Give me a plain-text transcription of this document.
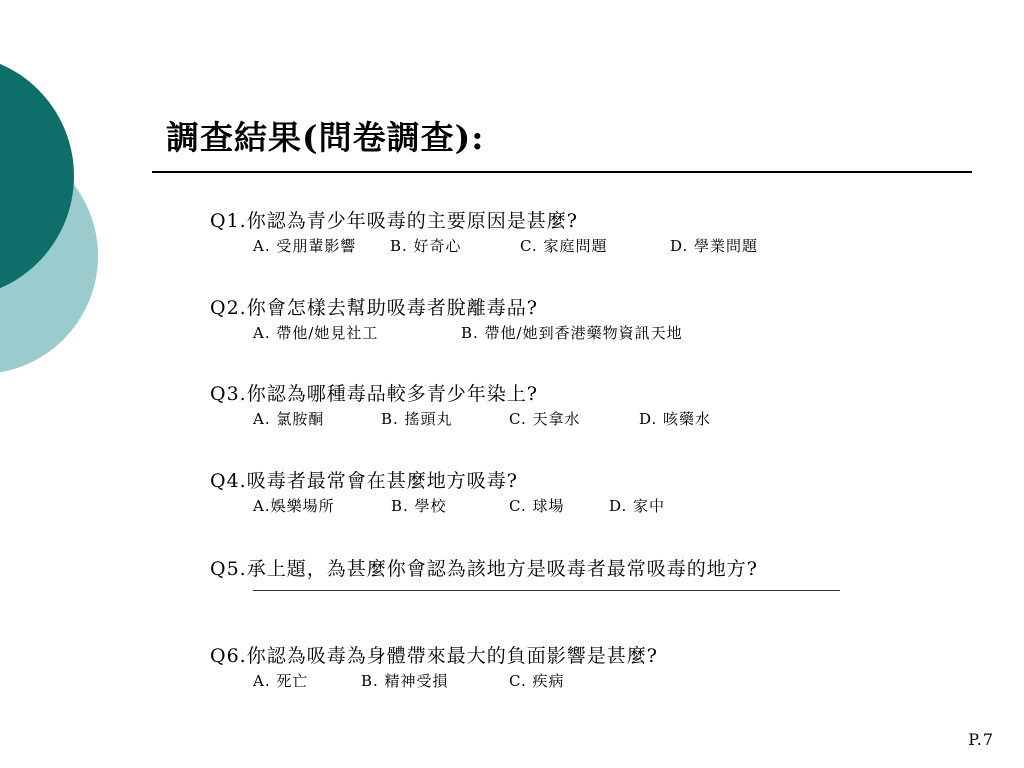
調查結果(問卷調查):
Q1.你認為青少年吸毒的主要原因是甚麼?
A. 受朋輩影響 B. 好奇心	C. 家庭問題	D. 學業問題
Q2.你會怎樣去幫助吸毒者脫離毒品?
A. 帶他/她見社工	B. 帶他/她到香港藥物資訊天地
Q3.你認為哪種毒品較多青少年染上?
A. 氯胺酮	B. 搖頭丸	C. 天拿水	D. 咳藥水
Q4.吸毒者最常會在甚麼地方吸毒?
A.娛樂場所	B. 學校	C. 球場	D. 家中
Q5.承上題，為甚麼你會認為該地方是吸毒者最常吸毒的地方?
Q6.你認為吸毒為身體帶來最大的負面影響是甚麼?
A. 死亡	B. 精神受損	C. 疾病
P.7
